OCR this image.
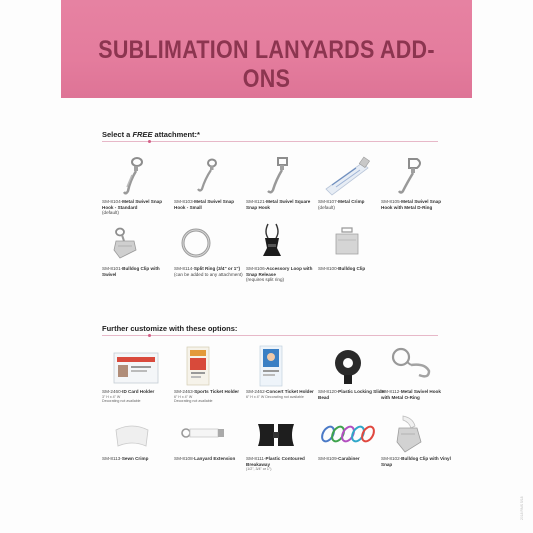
SUBLIMATION LANYARDS ADD-ONS
Select a FREE attachment:*
SM-8104-Metal Swivel Snap Hook - Standard
(default)
SM-8103-Metal Swivel Snap Hook - Small
SM-8121-Metal Swivel Square Snap Hook
SM-8107-Metal Crimp
(default)
SM-8105-Metal Swivel Snap Hook with Metal D-Ring
SM-8101-Bulldog Clip with Swivel
SM-8114-Split Ring (3/4" or 1")
(can be added to any attachment)
SM-8106-Accessory Loop with Snap Release
(requires split ring)
SM-8100-Bulldog Clip
Further customize with these options:
SM-2460-ID Card Holder
3" H x 4" W
Decorating not available
SM-2463-Sports Ticket Holder
6" H x 4" W
Decorating not available
SM-2462-Concert Ticket Holder
6" H x 4" W Decorating not available
SM-8120-Plastic Locking Slider Bead
SM-8112-Metal Swivel Hook with Metal O-Ring
SM-8113-Sewn Crimp	SM-8108-Lanyard Extension	SM-8111-Plastic Contoured Breakaway
(1/2", 3/4" or 1")
SM-8109-Carabiner	SM-8102-Bulldog Clip with Vinyl Snap
2018 PAIS 5/18
